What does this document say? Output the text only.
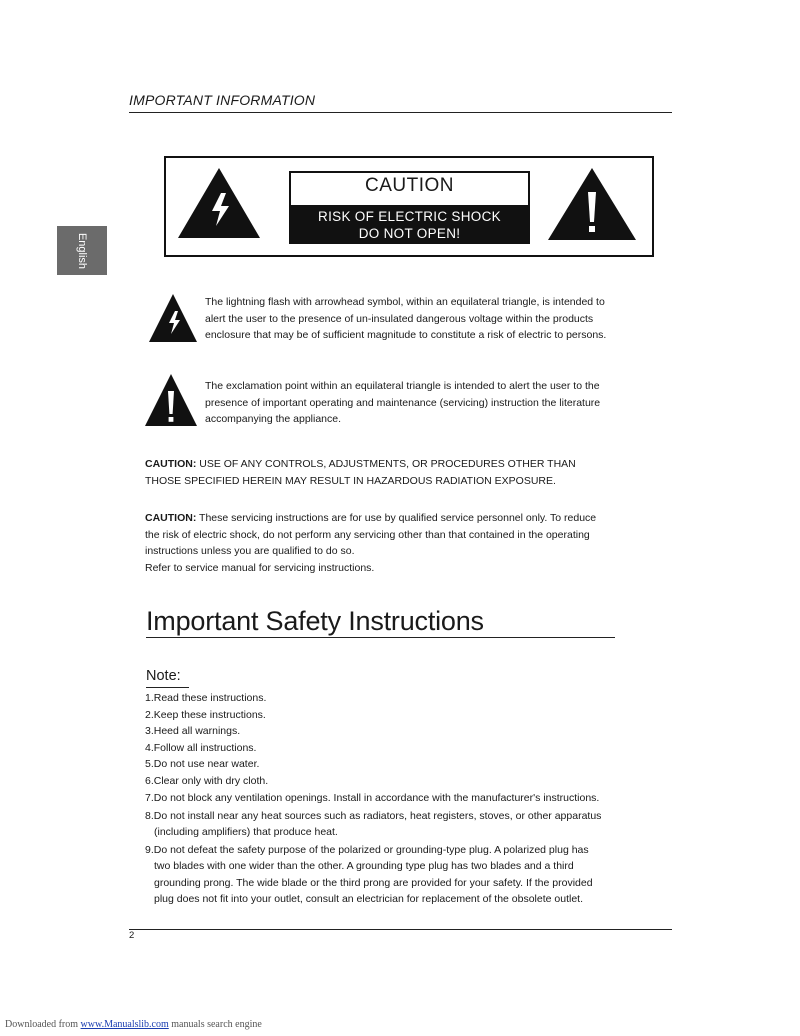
IMPORTANT INFORMATION
English
CAUTION
RISK OF ELECTRIC SHOCK
DO NOT OPEN!
The lightning flash with arrowhead symbol, within an equilateral triangle, is intended to
alert the user to the presence of un-insulated dangerous voltage within the products
enclosure that may be of sufficient magnitude to constitute a risk of electric to persons.
The exclamation point within an equilateral triangle is intended to alert the user to the
presence of important operating and maintenance (servicing) instruction the literature
accompanying the appliance.
CAUTION: USE OF ANY CONTROLS, ADJUSTMENTS, OR PROCEDURES OTHER THAN
THOSE SPECIFIED HEREIN MAY RESULT IN HAZARDOUS RADIATION EXPOSURE.
CAUTION: These servicing instructions are for use by qualified service personnel only. To reduce
the risk of electric shock, do not perform any servicing other than that contained in the operating
instructions unless you are qualified to do so.
Refer to service manual for servicing instructions.
Important Safety Instructions
Note:
1.Read these instructions.
2.Keep these instructions.
3.Heed all warnings.
4.Follow all instructions.
5.Do not use near water.
6.Clear only with dry cloth.
7.Do not block any ventilation openings. Install in accordance with the manufacturer's instructions.
8.Do not install near any heat sources such as radiators, heat registers, stoves, or other apparatus
(including amplifiers) that produce heat.
9.Do not defeat the safety purpose of the polarized or grounding-type plug. A polarized plug has
two blades with one wider than the other. A grounding type plug has two blades and a third
grounding prong. The wide blade or the third prong are provided for your safety. If the provided
plug does not fit into your outlet, consult an electrician for replacement of the obsolete outlet.
2
Downloaded from www.Manualslib.com manuals search engine
